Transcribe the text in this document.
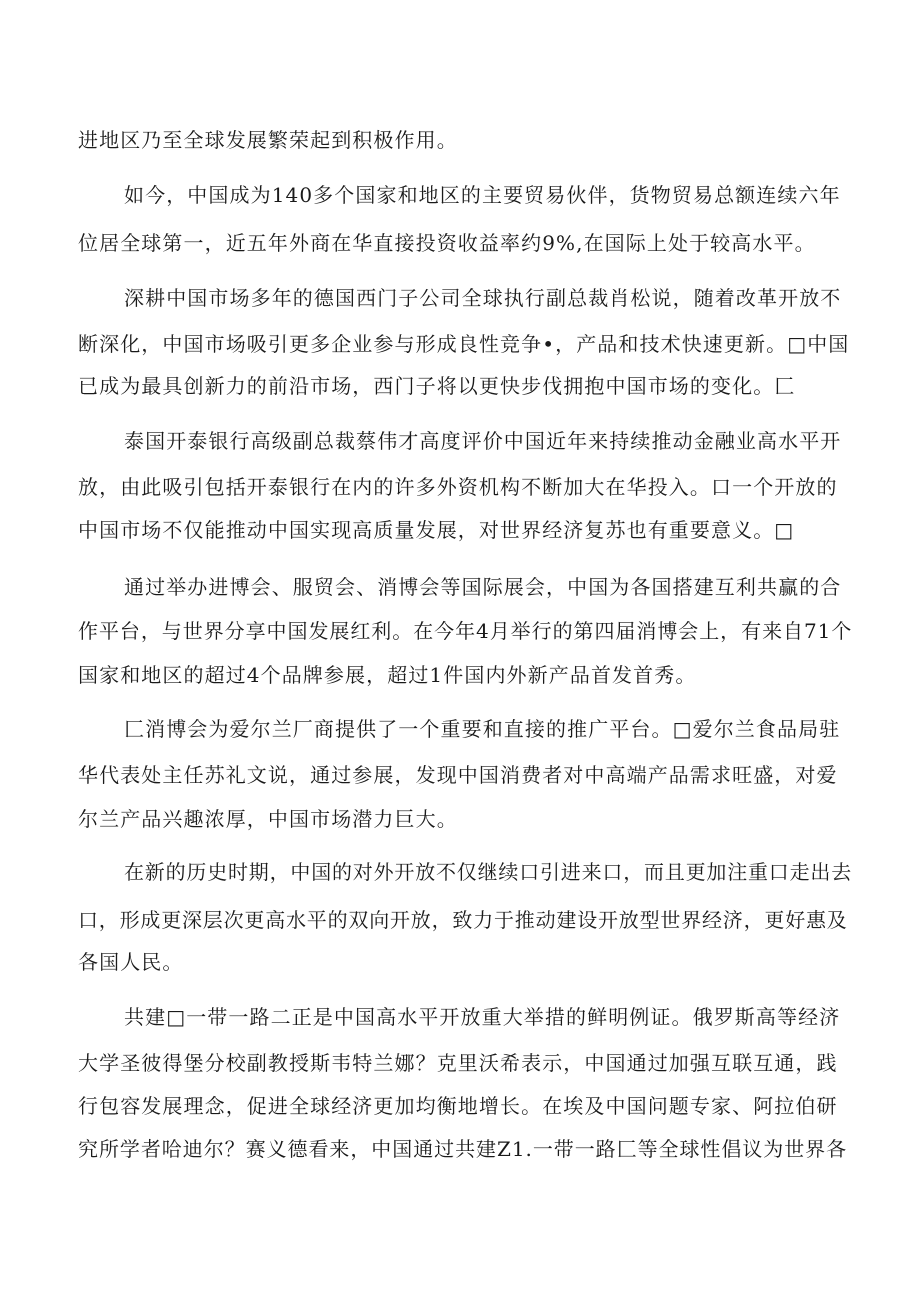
进地区乃至全球发展繁荣起到积极作用。
如今，中国成为140多个国家和地区的主要贸易伙伴，货物贸易总额连续六年
位居全球第一，近五年外商在华直接投资收益率约9%,在国际上处于较高水平。
深耕中国市场多年的德国西门子公司全球执行副总裁肖松说，随着改革开放不
断深化，中国市场吸引更多企业参与形成良性竞争•，产品和技术快速更新。□中国
已成为最具创新力的前沿市场，西门子将以更快步伐拥抱中国市场的变化。匚
泰国开泰银行高级副总裁蔡伟才高度评价中国近年来持续推动金融业高水平开
放，由此吸引包括开泰银行在内的许多外资机构不断加大在华投入。口一个开放的
中国市场不仅能推动中国实现高质量发展，对世界经济复苏也有重要意义。□
通过举办进博会、服贸会、消博会等国际展会，中国为各国搭建互利共赢的合
作平台，与世界分享中国发展红利。在今年4月举行的第四届消博会上，有来自71个
国家和地区的超过4个品牌参展，超过1件国内外新产品首发首秀。
匚消博会为爱尔兰厂商提供了一个重要和直接的推广平台。□爱尔兰食品局驻
华代表处主任苏礼文说，通过参展，发现中国消费者对中高端产品需求旺盛，对爱
尔兰产品兴趣浓厚，中国市场潜力巨大。
在新的历史时期，中国的对外开放不仅继续口引进来口，而且更加注重口走出去
口，形成更深层次更高水平的双向开放，致力于推动建设开放型世界经济，更好惠及
各国人民。
共建□一带一路二正是中国高水平开放重大举措的鲜明例证。俄罗斯高等经济
大学圣彼得堡分校副教授斯韦特兰娜？克里沃希表示，中国通过加强互联互通，践
行包容发展理念，促进全球经济更加均衡地增长。在埃及中国问题专家、阿拉伯研
究所学者哈迪尔？赛义德看来，中国通过共建Z1.一带一路匚等全球性倡议为世界各
